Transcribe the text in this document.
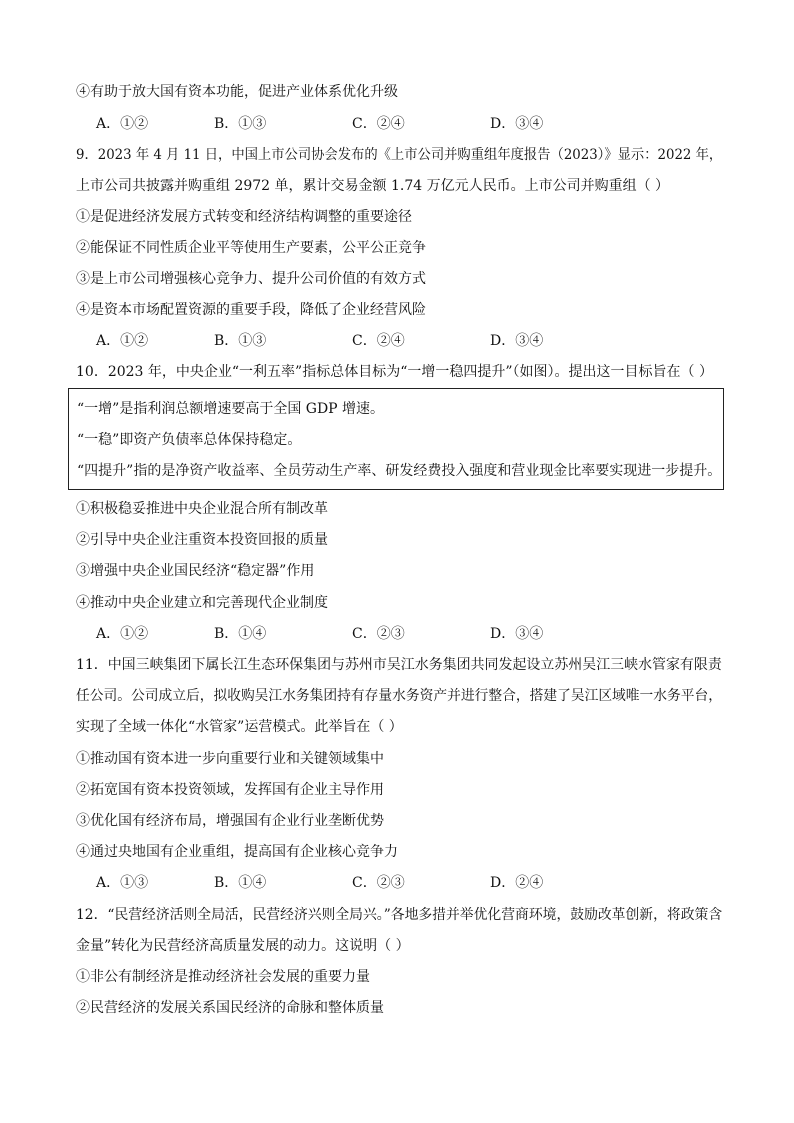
④有助于放大国有资本功能，促进产业体系优化升级
A．①②	B．①③	C．②④	D．③④
9．2023 年 4 月 11 日，中国上市公司协会发布的《上市公司并购重组年度报告（2023）》显示：2022 年，
上市公司共披露并购重组 2972 单，累计交易金额 1.74 万亿元人民币。上市公司并购重组（ ）
①是促进经济发展方式转变和经济结构调整的重要途径
②能保证不同性质企业平等使用生产要素，公平公正竞争
③是上市公司增强核心竞争力、提升公司价值的有效方式
④是资本市场配置资源的重要手段，降低了企业经营风险
A．①②	B．①③	C．②④	D．③④
10．2023 年，中央企业“一利五率”指标总体目标为“一增一稳四提升”（如图）。提出这一目标旨在（ ）
“一增”是指利润总额增速要高于全国 GDP 增速。
“一稳”即资产负债率总体保持稳定。
“四提升”指的是净资产收益率、全员劳动生产率、研发经费投入强度和营业现金比率要实现进一步提升。
①积极稳妥推进中央企业混合所有制改革
②引导中央企业注重资本投资回报的质量
③增强中央企业国民经济“稳定器”作用
④推动中央企业建立和完善现代企业制度
A．①②	B．①④	C．②③	D．③④
11．中国三峡集团下属长江生态环保集团与苏州市吴江水务集团共同发起设立苏州吴江三峡水管家有限责
任公司。公司成立后，拟收购吴江水务集团持有存量水务资产并进行整合，搭建了吴江区域唯一水务平台，
实现了全域一体化“水管家”运营模式。此举旨在（ ）
①推动国有资本进一步向重要行业和关键领域集中
②拓宽国有资本投资领域，发挥国有企业主导作用
③优化国有经济布局，增强国有企业行业垄断优势
④通过央地国有企业重组，提高国有企业核心竞争力
A．①③	B．①④	C．②③	D．②④
12．“民营经济活则全局活，民营经济兴则全局兴。”各地多措并举优化营商环境，鼓励改革创新，将政策含
金量”转化为民营经济高质量发展的动力。这说明（ ）
①非公有制经济是推动经济社会发展的重要力量
②民营经济的发展关系国民经济的命脉和整体质量
